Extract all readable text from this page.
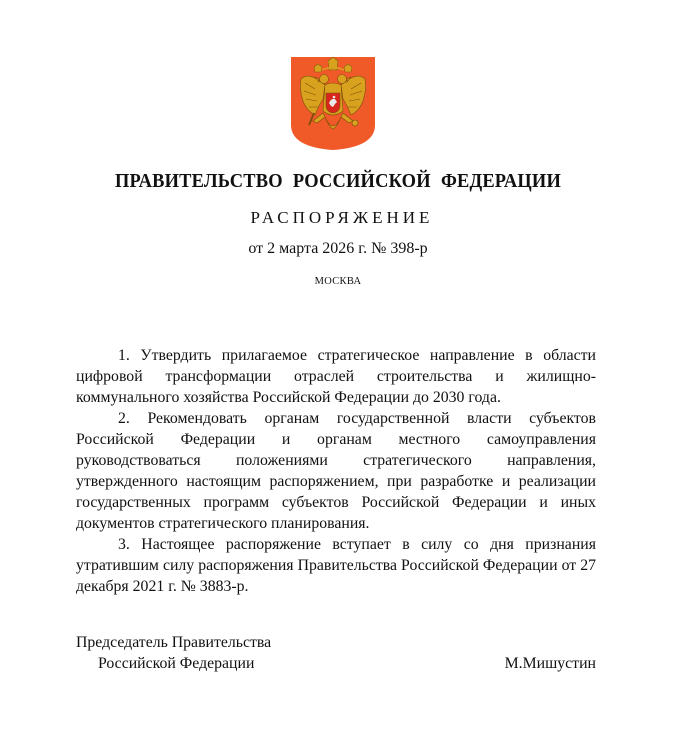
ПРАВИТЕЛЬСТВО РОССИЙСКОЙ ФЕДЕРАЦИИ
РАСПОРЯЖЕНИЕ
от 2 марта 2026 г. № 398-р
МОСКВА

1. Утвердить прилагаемое стратегическое направление в области цифровой трансформации отраслей строительства и жилищно-коммунального хозяйства Российской Федерации до 2030 года.

2. Рекомендовать органам государственной власти субъектов Российской Федерации и органам местного самоуправления руководствоваться положениями стратегического направления, утвержденного настоящим распоряжением, при разработке и реализации государственных программ субъектов Российской Федерации и иных документов стратегического планирования.

3. Настоящее распоряжение вступает в силу со дня признания утратившим силу распоряжения Правительства Российской Федерации от 27 декабря 2021 г. № 3883-р.

Председатель Правительства
Российской Федерации	М.Мишустин
